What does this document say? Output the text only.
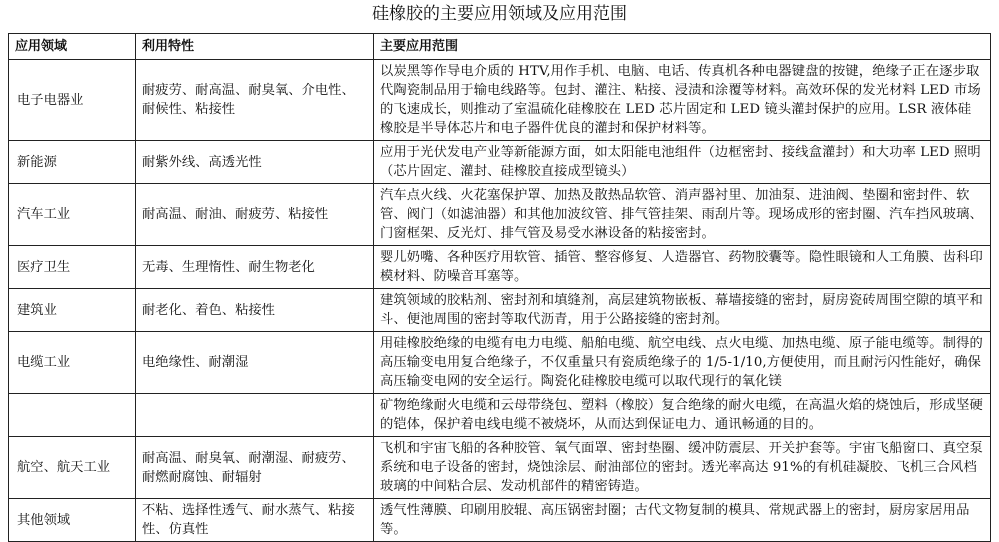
硅橡胶的主要应用领域及应用范围
应用领域	利用特性	主要应用范围
电子电器业	耐疲劳、耐高温、耐臭氧、介电性、耐候性、粘接性	以炭黑等作导电介质的 HTV,用作手机、电脑、电话、传真机各种电器键盘的按键，绝缘子正在逐步取代陶瓷制品用于输电线路等。包封、灌注、粘接、浸渍和涂覆等材料。高效环保的发光材料 LED 市场的飞速成长，则推动了室温硫化硅橡胶在 LED 芯片固定和 LED 镜头灌封保护的应用。LSR 液体硅橡胶是半导体芯片和电子器件优良的灌封和保护材料等。
新能源	耐紫外线、高透光性	应用于光伏发电产业等新能源方面，如太阳能电池组件（边框密封、接线盒灌封）和大功率 LED 照明（芯片固定、灌封、硅橡胶直接成型镜头）
汽车工业	耐高温、耐油、耐疲劳、粘接性	汽车点火线、火花塞保护罩、加热及散热品软管、消声器衬里、加油泵、进油阀、垫圈和密封件、软管、阀门（如滤油器）和其他加波纹管、排气管挂架、雨刮片等。现场成形的密封圈、汽车挡风玻璃、门窗框架、反光灯、排气管及易受水淋设备的粘接密封。
医疗卫生	无毒、生理惰性、耐生物老化	婴儿奶嘴、各种医疗用软管、插管、整容修复、人造器官、药物胶囊等。隐性眼镜和人工角膜、齿科印模材料、防噪音耳塞等。
建筑业	耐老化、着色、粘接性	建筑领域的胶粘剂、密封剂和填缝剂，高层建筑物嵌板、幕墙接缝的密封，厨房瓷砖周围空隙的填平和斗、便池周围的密封等取代沥青，用于公路接缝的密封剂。
电缆工业	电绝缘性、耐潮湿	用硅橡胶绝缘的电缆有电力电缆、船舶电缆、航空电线、点火电缆、加热电缆、原子能电缆等。制得的高压输变电用复合绝缘子，不仅重量只有瓷质绝缘子的 1/5-1/10,方便使用，而且耐污闪性能好，确保高压输变电网的安全运行。陶瓷化硅橡胶电缆可以取代现行的氧化镁
		矿物绝缘耐火电缆和云母带绕包、塑料（橡胶）复合绝缘的耐火电缆，在高温火焰的烧蚀后，形成坚硬的铠体，保护着电线电缆不被烧坏，从而达到保证电力、通讯畅通的目的。
航空、航天工业	耐高温、耐臭氧、耐潮湿、耐疲劳、耐燃耐腐蚀、耐辐射	飞机和宇宙飞船的各种胶管、氧气面罩、密封垫圈、缓冲防震层、开关护套等。宇宙飞船窗口、真空泵系统和电子设备的密封，烧蚀涂层、耐油部位的密封。透光率高达 91%的有机硅凝胶、飞机三合风档玻璃的中间粘合层、发动机部件的精密铸造。
其他领域	不粘、选择性透气、耐水蒸气、粘接性、仿真性	透气性薄膜、印刷用胶辊、高压锅密封圈；古代文物复制的模具、常规武器上的密封，厨房家居用品等。
